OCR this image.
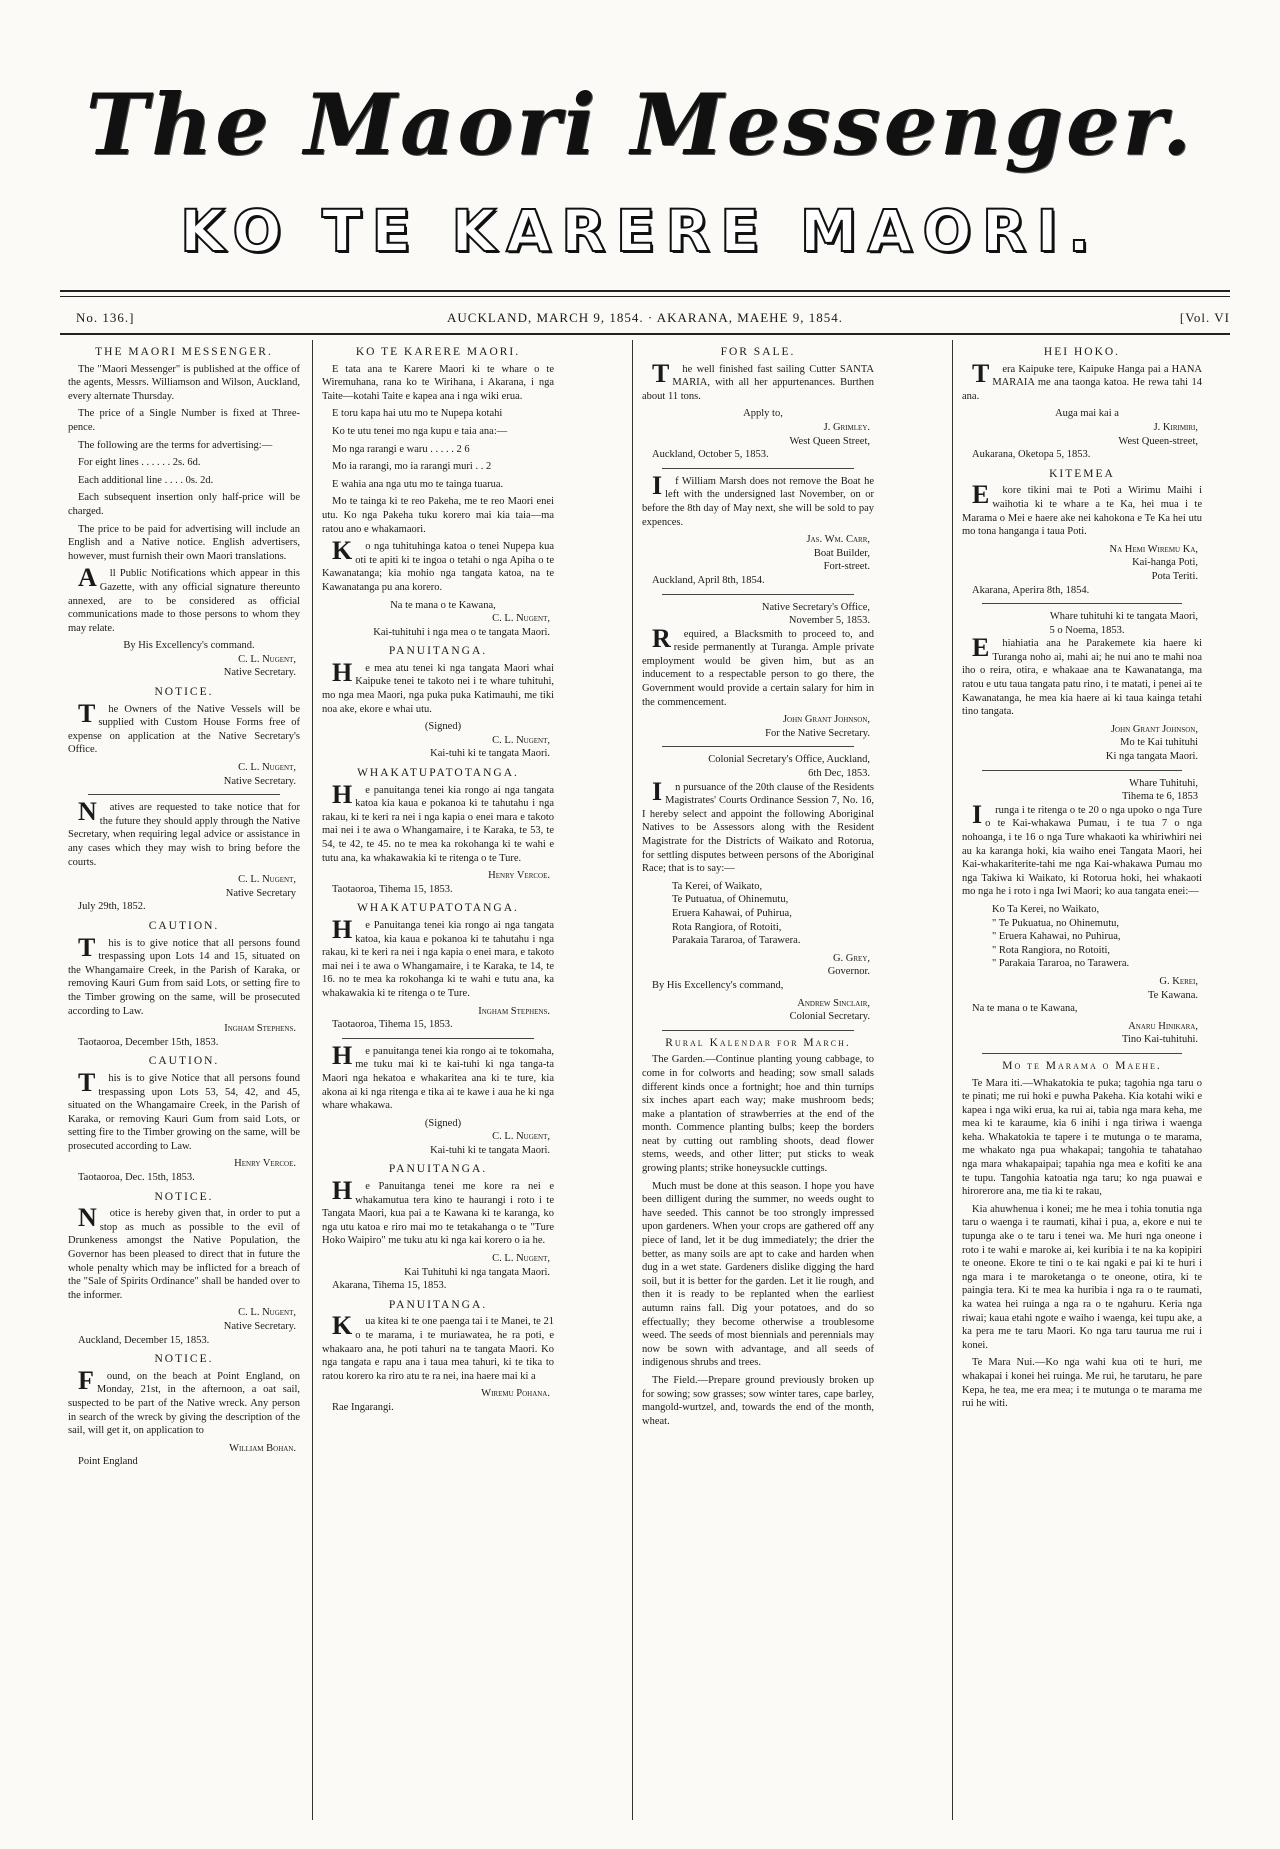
The Maori Messenger.
KO TE KARERE MAORI.
No. 136.]	AUCKLAND, MARCH 9, 1854. · AKARANA, MAEHE 9, 1854.	[Vol. VI
THE MAORI MESSENGER.

The "Maori Messenger" is published at the office of the agents, Messrs. Williamson and Wilson, Auckland, every alternate Thursday.

The price of a Single Number is fixed at Three-pence.

The following are the terms for advertising:—

For eight lines . . . . . . 2s. 6d.

Each additional line . . . . 0s. 2d.

Each subsequent insertion only half-price will be charged.

The price to be paid for advertising will include an English and a Native notice. English advertisers, however, must furnish their own Maori translations.

All Public Notifications which appear in this Gazette, with any official signature thereunto annexed, are to be considered as official communications made to those persons to whom they may relate.

By His Excellency's command.

C. L. Nugent,

Native Secretary.

NOTICE.

The Owners of the Native Vessels will be supplied with Custom House Forms free of expense on application at the Native Secretary's Office.

C. L. Nugent,

Native Secretary.

Natives are requested to take notice that for the future they should apply through the Native Secretary, when requiring legal advice or assistance in any cases which they may wish to bring before the courts.

C. L. Nugent,

Native Secretary

July 29th, 1852.

CAUTION.

This is to give notice that all persons found trespassing upon Lots 14 and 15, situated on the Whangamaire Creek, in the Parish of Karaka, or removing Kauri Gum from said Lots, or setting fire to the Timber growing on the same, will be prosecuted according to Law.

Ingham Stephens.

Taotaoroa, December 15th, 1853.

CAUTION.

This is to give Notice that all persons found trespassing upon Lots 53, 54, 42, and 45, situated on the Whangamaire Creek, in the Parish of Karaka, or removing Kauri Gum from said Lots, or setting fire to the Timber growing on the same, will be prosecuted according to Law.

Henry Vercoe.

Taotaoroa, Dec. 15th, 1853.

NOTICE.

Notice is hereby given that, in order to put a stop as much as possible to the evil of Drunkeness amongst the Native Population, the Governor has been pleased to direct that in future the whole penalty which may be inflicted for a breach of the "Sale of Spirits Ordinance" shall be handed over to the informer.

C. L. Nugent,

Native Secretary.

Auckland, December 15, 1853.

NOTICE.

Found, on the beach at Point England, on Monday, 21st, in the afternoon, a oat sail, suspected to be part of the Native wreck. Any person in search of the wreck by giving the description of the sail, will get it, on application to

William Bohan.

Point England

KO TE KARERE MAORI.

E tata ana te Karere Maori ki te whare o te Wiremuhana, rana ko te Wirihana, i Akarana, i nga Taite—kotahi Taite e kapea ana i nga wiki erua.

E toru kapa hai utu mo te Nupepa kotahi

Ko te utu tenei mo nga kupu e taia ana:—

Mo nga rarangi e waru . . . . . 2 6

Mo ia rarangi, mo ia rarangi muri . . 2

E wahia ana nga utu mo te tainga tuarua.

Mo te tainga ki te reo Pakeha, me te reo Maori enei utu. Ko nga Pakeha tuku korero mai kia taia—ma ratou ano e whakamaori.

Ko nga tuhituhinga katoa o tenei Nupepa kua oti te apiti ki te ingoa o tetahi o nga Apiha o te Kawanatanga; kia mohio nga tangata katoa, na te Kawanatanga pu ana korero.

Na te mana o te Kawana,

C. L. Nugent,

Kai-tuhituhi i nga mea o te tangata Maori.

PANUITANGA.

He mea atu tenei ki nga tangata Maori whai Kaipuke tenei te takoto nei i te whare tuhituhi, mo nga mea Maori, nga puka puka Katimauhi, me tiki noa ake, ekore e whai utu.

(Signed)

C. L. Nugent,

Kai-tuhi ki te tangata Maori.

WHAKATUPATOTANGA.

He panuitanga tenei kia rongo ai nga tangata katoa kia kaua e pokanoa ki te tahutahu i nga rakau, ki te keri ra nei i nga kapia o enei mara e takoto mai nei i te awa o Whangamaire, i te Karaka, te 53, te 54, te 42, te 45. no te mea ka rokohanga ki te wahi e tutu ana, ka whakawakia ki te ritenga o te Ture.

Henry Vercoe.

Taotaoroa, Tihema 15, 1853.

WHAKATUPATOTANGA.

He Panuitanga tenei kia rongo ai nga tangata katoa, kia kaua e pokanoa ki te tahutahu i nga rakau, ki te keri ra nei i nga kapia o enei mara, e takoto mai nei i te awa o Whangamaire, i te Karaka, te 14, te 16. no te mea ka rokohanga ki te wahi e tutu ana, ka whakawakia ki te ritenga o te Ture.

Ingham Stephens.

Taotaoroa, Tihema 15, 1853.

He panuitanga tenei kia rongo ai te tokomaha, me tuku mai ki te kai-tuhi ki nga tanga-ta Maori nga hekatoa e whakaritea ana ki te ture, kia akona ai ki nga ritenga e tika ai te kawe i aua he ki nga whare whakawa.

(Signed)

C. L. Nugent,

Kai-tuhi ki te tangata Maori.

PANUITANGA.

He Panuitanga tenei me kore ra nei e whakamutua tera kino te haurangi i roto i te Tangata Maori, kua pai a te Kawana ki te karanga, ko nga utu katoa e riro mai mo te tetakahanga o te "Ture Hoko Waipiro" me tuku atu ki nga kai korero o ia he.

C. L. Nugent,

Kai Tuhituhi ki nga tangata Maori.

Akarana, Tihema 15, 1853.

PANUITANGA.

Kua kitea ki te one paenga tai i te Manei, te 21 o te marama, i te muriawatea, he ra poti, e whakaaro ana, he poti tahuri na te tangata Maori. Ko nga tangata e rapu ana i taua mea tahuri, ki te tika to ratou korero ka riro atu te ra nei, ina haere mai ki a

Wiremu Pohana.

Rae Ingarangi.

FOR SALE.

The well finished fast sailing Cutter SANTA MARIA, with all her appurtenances. Burthen about 11 tons.

Apply to,

J. Grimley.

West Queen Street,

Auckland, October 5, 1853.

If William Marsh does not remove the Boat he left with the undersigned last November, on or before the 8th day of May next, she will be sold to pay expences.

Jas. Wm. Carr,

Boat Builder,

Fort-street.

Auckland, April 8th, 1854.

Native Secretary's Office,

November 5, 1853.

Required, a Blacksmith to proceed to, and reside permanently at Turanga. Ample private employment would be given him, but as an inducement to a respectable person to go there, the Government would provide a certain salary for him in the commencement.

John Grant Johnson,

For the Native Secretary.

Colonial Secretary's Office, Auckland,

6th Dec, 1853.

In pursuance of the 20th clause of the Residents Magistrates' Courts Ordinance Session 7, No. 16, I hereby select and appoint the following Aboriginal Natives to be Assessors along with the Resident Magistrate for the Districts of Waikato and Rotorua, for settling disputes between persons of the Aboriginal Race; that is to say:—

Ta Kerei, of Waikato,
Te Putuatua, of Ohinemutu,
Eruera Kahawai, of Puhirua,
Rota Rangiora, of Rotoiti,
Parakaia Tararoa, of Tarawera.

G. Grey,

Governor.

By His Excellency's command,

Andrew Sinclair,

Colonial Secretary.

Rural Kalendar for March.

The Garden.—Continue planting young cabbage, to come in for colworts and heading; sow small salads different kinds once a fortnight; hoe and thin turnips six inches apart each way; make mushroom beds; make a plantation of strawberries at the end of the month. Commence planting bulbs; keep the borders neat by cutting out rambling shoots, dead flower stems, weeds, and other litter; put sticks to weak growing plants; strike honeysuckle cuttings.

Much must be done at this season. I hope you have been dilligent during the summer, no weeds ought to have seeded. This cannot be too strongly impressed upon gardeners. When your crops are gathered off any piece of land, let it be dug immediately; the drier the better, as many soils are apt to cake and harden when dug in a wet state. Gardeners dislike digging the hard soil, but it is better for the garden. Let it lie rough, and then it is ready to be replanted when the earliest autumn rains fall. Dig your potatoes, and do so effectually; they become otherwise a troublesome weed. The seeds of most biennials and perennials may now be sown with advantage, and all seeds of indigenous shrubs and trees.

The Field.—Prepare ground previously broken up for sowing; sow grasses; sow winter tares, cape barley, mangold-wurtzel, and, towards the end of the month, wheat.

HEI HOKO.

Tera Kaipuke tere, Kaipuke Hanga pai a HANA MARAIA me ana taonga katoa. He rewa tahi 14 ana.

Auga mai kai a

J. Kirimiri,

West Queen-street,

Aukarana, Oketopa 5, 1853.

KITEMEA

Ekore tikini mai te Poti a Wirimu Maihi i waihotia ki te whare a te Ka, hei mua i te Marama o Mei e haere ake nei kahokona e Te Ka hei utu mo tona hanganga i taua Poti.

Na Hemi Wiremu Ka,

Kai-hanga Poti,

Pota Teriti.

Akarana, Aperira 8th, 1854.

Whare tuhituhi ki te tangata Maori,

5 o Noema, 1853.

Ehiahiatia ana he Parakemete kia haere ki Turanga noho ai, mahi ai; he nui ano te mahi noa iho o reira, otira, e whakaae ana te Kawanatanga, ma ratou e utu taua tangata patu rino, i te matati, i penei ai te Kawanatanga, he mea kia haere ai ki taua kainga tetahi tino tangata.

John Grant Johnson,

Mo te Kai tuhituhi

Ki nga tangata Maori.

Whare Tuhituhi,

Tihema te 6, 1853

Irunga i te ritenga o te 20 o nga upoko o nga Ture o te Kai-whakawa Pumau, i te tua 7 o nga nohoanga, i te 16 o nga Ture whakaoti ka whiriwhiri nei au ka karanga hoki, kia waiho enei Tangata Maori, hei Kai-whakariterite-tahi me nga Kai-whakawa Pumau mo nga Takiwa ki Waikato, ki Rotorua hoki, hei whakaoti mo nga he i roto i nga Iwi Maori; ko aua tangata enei:—

Ko Ta Kerei, no Waikato,
" Te Pukuatua, no Ohinemutu,
" Eruera Kahawai, no Puhirua,
" Rota Rangiora, no Rotoiti,
" Parakaia Tararoa, no Tarawera.

G. Kerei,

Te Kawana.

Na te mana o te Kawana,

Anaru Hinikara,

Tino Kai-tuhituhi.

Mo te Marama o Maehe.

Te Mara iti.—Whakatokia te puka; tagohia nga taru o te pinati; me rui hoki e puwha Pakeha. Kia kotahi wiki e kapea i nga wiki erua, ka rui ai, tabia nga mara keha, me mea ki te karaume, kia 6 inihi i nga tiriwa i waenga keha. Whakatokia te tapere i te mutunga o te marama, me whakato nga pua whakapai; tangohia te tahatahao nga mara whakapaipai; tapahia nga mea e kofiti ke ana te tupu. Tangohia katoatia nga taru; ko nga puawai e hirorerore ana, me tia ki te rakau,

Kia ahuwhenua i konei; me he mea i tohia tonutia nga taru o waenga i te raumati, kihai i pua, a, ekore e nui te tupunga ake o te taru i tenei wa. Me huri nga oneone i roto i te wahi e maroke ai, kei kuribia i te na ka kopipiri te oneone. Ekore te tini o te kai ngaki e pai ki te huri i nga mara i te maroketanga o te oneone, otira, ki te paingia tera. Ki te mea ka huribia i nga ra o te raumati, ka watea hei ruinga a nga ra o te ngahuru. Keria nga riwai; kaua etahi ngote e waiho i waenga, kei tupu ake, a ka pera me te taru Maori. Ko nga taru taurua me rui i konei.

Te Mara Nui.—Ko nga wahi kua oti te huri, me whakapai i konei hei ruinga. Me rui, he tarutaru, he pare Kepa, he tea, me era mea; i te mutunga o te marama me rui he witi.
